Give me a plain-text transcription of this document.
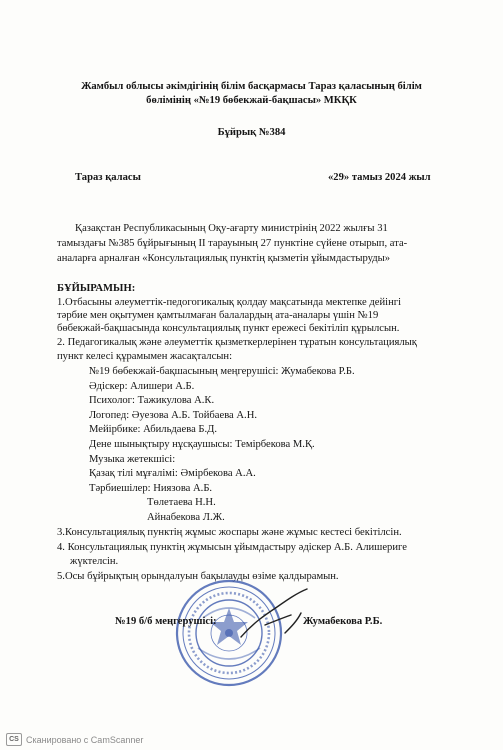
Жамбыл облысы әкімдігінің білім басқармасы Тараз қаласының білім
бөлімінің «№19 бөбекжай-бақшасы» МКҚК
Бұйрық №384
Тараз қаласы	«29» тамыз 2024 жыл
Қазақстан Республикасының Оқу-ағарту министрінің 2022 жылғы 31
тамыздағы №385 бұйрығының II тарауының 27 пунктіне сүйене отырып, ата-
аналарға арналған «Консультациялық пунктің қызметін ұйымдастыруды»
БҰЙЫРАМЫН:
1.Отбасыны әлеуметтік-педогогикалық қолдау мақсатында мектепке дейінгі
тәрбие мен оқытумен қамтылмаған балалардың ата-аналары үшін №19
бөбекжай-бақшасында консультациялық пункт ережесі бекітіліп құрылсын.
2. Педагогикалық және әлеуметтік қызметкерлерінен тұратын консультациялық
пункт келесі құрамымен жасақталсын:
№19 бөбекжай-бақшасының меңгерушісі: Жумабекова Р.Б.
Әдіскер: Алишери А.Б.
Психолог: Тажикулова А.К.
Логопед: Әуезова А.Б. Тойбаева А.Н.
Мейірбике: Абильдаева Б.Д.
Дене шынықтыру нұсқаушысы: Темірбекова М.Қ.
Музыка жетекшісі:
Қазақ тілі мұғалімі: Әмірбекова А.А.
Тәрбиешілер: Ниязова А.Б.
Төлетаева Н.Н.
Айнабекова Л.Ж.
3.Консультациялық пунктің жұмыс жоспары және жұмыс кестесі бекітілсін.
4. Консультациялық пунктің жұмысын ұйымдастыру әдіскер А.Б. Алишериге
жүктелсін.
5.Осы бұйрықтың орындалуын бақылауды өзіме қалдырамын.
№19 б/б меңгерушісі:	Жумабекова Р.Б.
CS Сканировано с CamScanner
